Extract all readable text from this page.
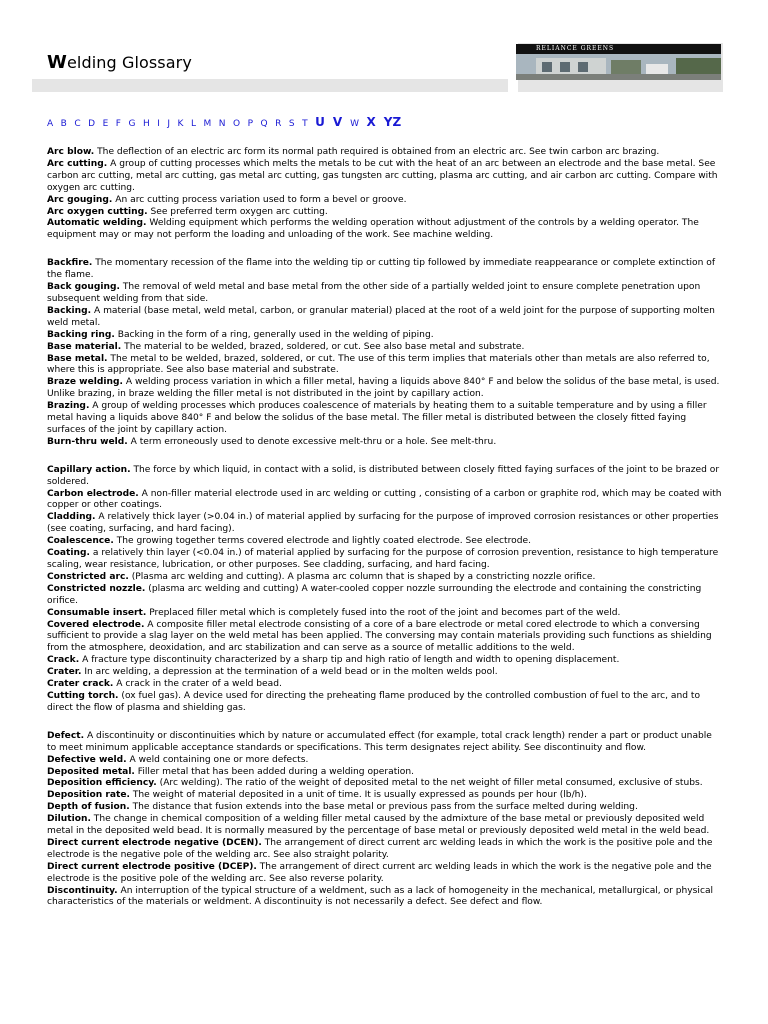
Welding Glossary
RELIANCE GREENS
A B C D E F G H I J K L M N O P Q R S T U V W X YZ

Arc blow. The deflection of an electric arc form its normal path required is obtained from an electric arc. See twin carbon arc brazing.

Arc cutting. A group of cutting processes which melts the metals to be cut with the heat of an arc between an electrode and the base metal. See carbon arc cutting, metal arc cutting, gas metal arc cutting, gas tungsten arc cutting, plasma arc cutting, and air carbon arc cutting. Compare with oxygen arc cutting.

Arc gouging. An arc cutting process variation used to form a bevel or groove.

Arc oxygen cutting. See preferred term oxygen arc cutting.

Automatic welding. Welding equipment which performs the welding operation without adjustment of the controls by a welding operator. The equipment may or may not perform the loading and unloading of the work. See machine welding.

Backfire. The momentary recession of the flame into the welding tip or cutting tip followed by immediate reappearance or complete extinction of the flame.

Back gouging. The removal of weld metal and base metal from the other side of a partially welded joint to ensure complete penetration upon subsequent welding from that side.

Backing. A material (base metal, weld metal, carbon, or granular material) placed at the root of a weld joint for the purpose of supporting molten weld metal.

Backing ring. Backing in the form of a ring, generally used in the welding of piping.

Base material. The material to be welded, brazed, soldered, or cut. See also base metal and substrate.

Base metal. The metal to be welded, brazed, soldered, or cut. The use of this term implies that materials other than metals are also referred to, where this is appropriate. See also base material and substrate.

Braze welding. A welding process variation in which a filler metal, having a liquids above 840° F and below the solidus of the base metal, is used. Unlike brazing, in braze welding the filler metal is not distributed in the joint by capillary action.

Brazing. A group of welding processes which produces coalescence of materials by heating them to a suitable temperature and by using a filler metal having a liquids above 840° F and below the solidus of the base metal. The filler metal is distributed between the closely fitted faying surfaces of the joint by capillary action.

Burn-thru weld. A term erroneously used to denote excessive melt-thru or a hole. See melt-thru.

Capillary action. The force by which liquid, in contact with a solid, is distributed between closely fitted faying surfaces of the joint to be brazed or soldered.

Carbon electrode. A non-filler material electrode used in arc welding or cutting , consisting of a carbon or graphite rod, which may be coated with copper or other coatings.

Cladding. A relatively thick layer (>0.04 in.) of material applied by surfacing for the purpose of improved corrosion resistances or other properties (see coating, surfacing, and hard facing).

Coalescence. The growing together terms covered electrode and lightly coated electrode. See electrode.

Coating. a relatively thin layer (<0.04 in.) of material applied by surfacing for the purpose of corrosion prevention, resistance to high temperature scaling, wear resistance, lubrication, or other purposes. See cladding, surfacing, and hard facing.

Constricted arc. (Plasma arc welding and cutting). A plasma arc column that is shaped by a constricting nozzle orifice.

Constricted nozzle. (plasma arc welding and cutting) A water-cooled copper nozzle surrounding the electrode and containing the constricting orifice.

Consumable insert. Preplaced filler metal which is completely fused into the root of the joint and becomes part of the weld.

Covered electrode. A composite filler metal electrode consisting of a core of a bare electrode or metal cored electrode to which a conversing sufficient to provide a slag layer on the weld metal has been applied. The conversing may contain materials providing such functions as shielding from the atmosphere, deoxidation, and arc stabilization and can serve as a source of metallic additions to the weld.

Crack. A fracture type discontinuity characterized by a sharp tip and high ratio of length and width to opening displacement.

Crater. In arc welding, a depression at the termination of a weld bead or in the molten welds pool.

Crater crack. A crack in the crater of a weld bead.

Cutting torch. (ox fuel gas). A device used for directing the preheating flame produced by the controlled combustion of fuel to the arc, and to direct the flow of plasma and shielding gas.

Defect. A discontinuity or discontinuities which by nature or accumulated effect (for example, total crack length) render a part or product unable to meet minimum applicable acceptance standards or specifications. This term designates reject ability. See discontinuity and flow.

Defective weld. A weld containing one or more defects.

Deposited metal. Filler metal that has been added during a welding operation.

Deposition efficiency. (Arc welding). The ratio of the weight of deposited metal to the net weight of filler metal consumed, exclusive of stubs.

Deposition rate. The weight of material deposited in a unit of time. It is usually expressed as pounds per hour (lb/h).

Depth of fusion. The distance that fusion extends into the base metal or previous pass from the surface melted during welding.

Dilution. The change in chemical composition of a welding filler metal caused by the admixture of the base metal or previously deposited weld metal in the deposited weld bead. It is normally measured by the percentage of base metal or previously deposited weld metal in the weld bead.

Direct current electrode negative (DCEN). The arrangement of direct current arc welding leads in which the work is the positive pole and the electrode is the negative pole of the welding arc. See also straight polarity.

Direct current electrode positive (DCEP). The arrangement of direct current arc welding leads in which the work is the negative pole and the electrode is the positive pole of the welding arc. See also reverse polarity.

Discontinuity. An interruption of the typical structure of a weldment, such as a lack of homogeneity in the mechanical, metallurgical, or physical characteristics of the materials or weldment. A discontinuity is not necessarily a defect. See defect and flow.
